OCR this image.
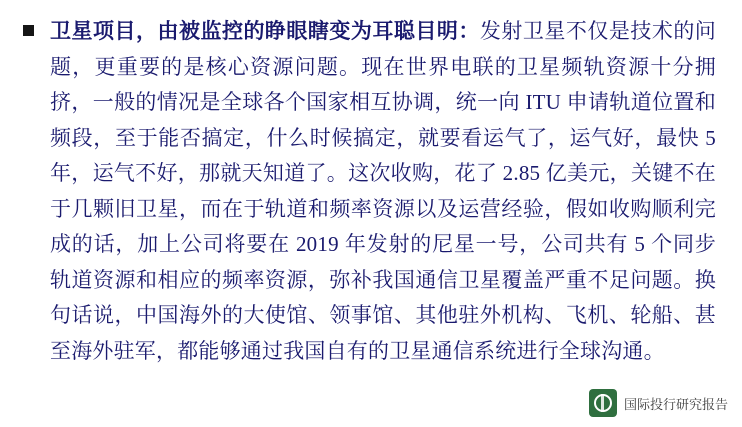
卫星项目，由被监控的睁眼瞎变为耳聪目明：发射卫星不仅是技术的问题，更重要的是核心资源问题。现在世界电联的卫星频轨资源十分拥挤，一般的情况是全球各个国家相互协调，统一向 ITU 申请轨道位置和频段，至于能否搞定，什么时候搞定，就要看运气了，运气好，最快 5 年，运气不好，那就天知道了。这次收购，花了 2.85 亿美元，关键不在于几颗旧卫星，而在于轨道和频率资源以及运营经验，假如收购顺利完成的话，加上公司将要在 2019 年发射的尼星一号，公司共有 5 个同步轨道资源和相应的频率资源，弥补我国通信卫星覆盖严重不足问题。换句话说，中国海外的大使馆、领事馆、其他驻外机构、飞机、轮船、甚至海外驻军，都能够通过我国自有的卫星通信系统进行全球沟通。

国际投行研究报告
